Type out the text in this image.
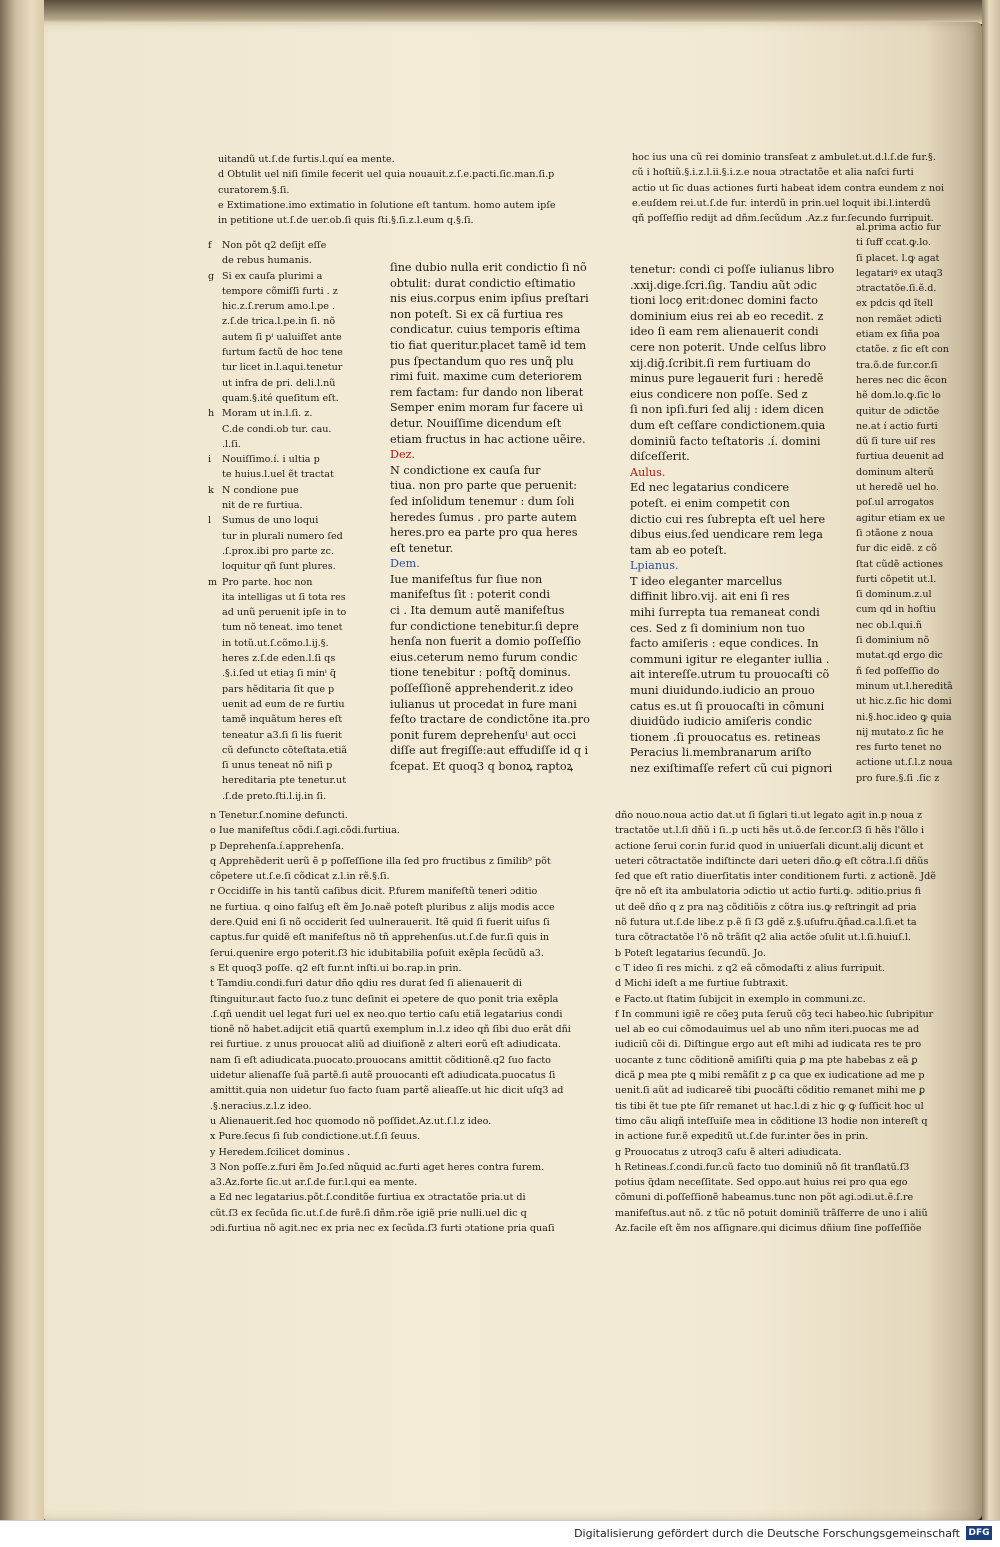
uitandũ ut.ſ.de furtis.l.quí ea mente.
d Obtulit uel niſi ſimile fecerit uel quia nouauit.z.ſ.e.pacti.ſic.man.ſi.p
curatorem.§.ſi.
e Extimatione.imo extimatio in ſolutione eſt tantum. homo autem ipſe
in petitione ut.ſ.de uer.ob.ſi quis ſti.§.ſi.z.l.eum q.§.ſi.
hoc ius una cũ rei dominio transſeat z ambulet.ut.d.l.ſ.de fur.§.
cũ i hoſtiũ.§.i.z.l.ii.§.i.z.e noua ɔtractatõe et alia naſci furti
actio ut ſic duas actiones furti habeat idem contra eundem z noi
e.euſdem rei.ut.ſ.de fur. interdũ in prin.uel loquit ibi.l.interdũ
qñ poſſeſſio redijt ad dñm.ſecũdum .Az.z fur.ſecundo furripuit.
Non põt q2 deſijt eſſe
de rebus humanis.
Si ex cauſa plurimi a
tempore cõmiſſi furti . z
hic.z.ſ.rerum amo.l.pe .
z.ſ.de trica.l.pe.in ſi. nõ
autem ſi pⁱ ualuiſſet ante
furtum factũ de hoc tene
tur licet in.l.aqui.tenetur
ut infra de pri. deli.l.nũ
quam.§.ité queſitum eſt.
Moram ut in.l.ſi. z.
C.de condi.ob tur. cau.
.l.ſi.
Nouiſſimo.í. i ultia p
te huius.l.uel ẽt tractat
N condione pue
nit de re furtiua.
Sumus de uno loqui
tur in plurali numero ſed
.ſ.prox.ibi pro parte zc.
loquitur qñ ſunt plures.
Pro parte. hoc non
ita intelligas ut ſi tota res
ad unũ peruenit ipſe in to
tum nõ teneat. imo tenet
in totũ.ut.ſ.cõmo.l.ij.§.
heres z.ſ.de eden.l.ſi qs
.§.i.ſed ut etiaȝ ſi minⁱ q̃
pars hẽditaria ſit que p
uenit ad eum de re furtiu
tamẽ inquãtum heres eſt
teneatur a3.ſi ſi lis fuerit
cũ defuncto cõteſtata.etiã
ſi unus teneat nõ niſi p
hereditaria pte tenetur.ut
.ſ.de preto.ſti.l.ij.in ſi.
f
g
h
i
k
l
m
ſine dubio nulla erit condictio ſi nõ
obtulit: durat condictio eſtimatio
nis eius.corpus enim ipſius preſtari
non poteſt. Si ex cã furtiua res
condicatur. cuius temporis eſtima
tio fiat queritur.placet tamẽ id tem
pus ſpectandum quo res unq̃ plu
rimi fuit. maxime cum deteriorem
rem factam: fur dando non liberat
Semper enim moram fur facere ui
detur. Nouiſſime dicendum eſt
etiam fructus in hac actione uẽire.
Dez.
N condictione ex cauſa fur
tiua. non pro parte que peruenit:
ſed inſolidum tenemur : dum ſoli
heredes ſumus . pro parte autem
heres.pro ea parte pro qua heres
eſt tenetur.
Dem.
Iue manifeſtus fur ſiue non
manifeſtus ſit : poterit condi
ci . Ita demum autẽ manifeſtus
fur condictione tenebitur.ſi depre
henſa non fuerit a domio poſſeſſio
eius.ceterum nemo furum condic
tione tenebitur : poſtq̃ dominus.
poſſeſſionẽ apprehenderit.z ideo
iulianus ut procedat in fure mani
feſto tractare de condictõne ita.pro
ponit furem deprehenſuⁱ aut occi
diſſe aut fregiſſe:aut effudiſſe id q i
fcepat. Et quoq3 q bonoꝝ raptoꝝ
tenetur: condi ci poſſe iulianus libro
.xxij.dige.ſcri.ſig. Tandiu aũt ɔdic
tioni locꝯ erit:donec domini facto
dominium eius rei ab eo recedit. z
ideo ſi eam rem alienauerit condi
cere non poterit. Unde celſus libro
xij.diḡ.ſcribit.ſi rem furtiuam do
minus pure legauerit furi : heredẽ
eius condicere non poſſe. Sed z
ſi non ipſi.furi ſed alij : idem dicen
dum eſt ceſſare condictionem.quia
dominiũ facto teſtatoris .í. domini
diſceſſerit.
Aulus.
Ed nec legatarius condicere
poteſt. ei enim competit con
dictio cui res ſubrepta eſt uel here
dibus eius.ſed uendicare rem lega
tam ab eo poteſt.
Lpianus.
T ideo eleganter marcellus
diffinit libro.vij. ait eni ſi res
mihi ſurrepta tua remaneat condi
ces. Sed z ſi dominium non tuo
facto amiſeris : eque condices. In
communi igitur re eleganter iullia .
ait intereſſe.utrum tu prouocaſti cõ
muni diuidundo.iudicio an prouo
catus es.ut ſi prouocaſti in cõmuni
diuidũdo iudicio amiſeris condic
tionem .ſi prouocatus es. retineas
Peracius li.membranarum ariſto
nez exiſtimaſſe refert cũ cui pignori
al.prima actio fur
ti ſuff ccat.ꝙ.lo.
ſi placet. l.ꝙ agat
legatariꝰ ex utaq3
ɔtractatõe.ſi.ẽ.d.
ex pdcis qd ĩtell
non remãet ɔdicti
etiam ex ſiña poa
ctatõe. z ſic eſt con
tra.õ.de fur.cor.ſi
heres nec dic ẽcon
hẽ dom.lo.ꝙ.ſic lo
quitur de ɔdictõe
ne.at í actio furti
dũ ſi ture uiſ res
furtiua deuenit ad
dominum alterũ
ut heredẽ uel ho.
poſ.ul arrogatos
agitur etiam ex ue
ſi ɔtãone z noua
fur dic eidẽ. z cõ
ſtat cũdẽ actiones
furti cõpetit ut.l.
ſi dominum.z.ul
cum qd in hoſtiu
nec ob.l.qui.ñ
ſi dominium nõ
mutat.qd ergo dic
ñ ſed poſſeſſio do
minum ut.l.hereditã
ut hic.z.ſic hic domi
ni.§.hoc.ideo ꝙ quia
nij mutato.z ſic he
res furto tenet no
actione ut.ſ.l.z noua
pro fure.§.ſi .ſic z
n Tenetur.ſ.nomine defuncti.
o Iue manifeſtus cõdi.ſ.agi.cõdi.furtiua.
p Deprehenſa.í.apprehenſa.
q Apprehẽderit uerũ ẽ p poſſeſſione illa ſed pro fructibus z ſimilib⁹ põt
cõpetere ut.ſ.e.ſi cõdicat z.l.in rẽ.§.ſi.
r Occidiſſe in his tantũ caſibus dicit. P.furem manifeſtũ teneri ɔditio
ne furtiua. q oino falſuꝫ eſt ẽm Jo.naẽ poteſt pluribus z alijs modis acce
dere.Quid eni ſi nõ occiderit ſed uulnerauerit. Itẽ quid ſi fuerit uiſus ſi
captus.fur quidẽ eſt manifeſtus nõ tñ apprehenſus.ut.ſ.de fur.ſi quis in
ſerui.quenire ergo poterit.ſ3 hic idubitabilia poſuit exẽpla ſecũdũ a3.
s Et quoq3 poſſe. q2 eſt fur.nt inſti.ui bo.rap.in prin.
t Tamdiu.condi.furi datur dño qdiu res durat ſed ſi alienauerit di
ſtinguitur.aut facto ſuo.z tunc deſinit ei ɔpetere de quo ponit tria exẽpla
.ſ.qñ uendit uel legat furi uel ex neo.quo tertio caſu etiã legatarius condi
tionẽ nõ habet.adijcit etiã quartũ exemplum in.l.z ideo qñ ſibi duo erãt dñi
rei furtiue. z unus prouocat aliũ ad diuiſionẽ z alteri eorũ eſt adiudicata.
nam ſi eſt adiudicata.puocato.prouocans amittit cõditionẽ.q2 ſuo facto
uidetur alienaſſe ſuã partẽ.ſi autẽ prouocanti eſt adiudicata.puocatus ſi
amittit.quia non uidetur ſuo facto ſuam partẽ alieaſſe.ut hic dicit uſq3 ad
.§.neracius.z.l.z ideo.
u Alienauerit.ſed hoc quomodo nõ poſſidet.Az.ut.ſ.l.z ideo.
x Pure.ſecus ſi ſub condictione.ut.ſ.ſi ſeuus.
y Heredem.ſcilicet dominus .
3 Non poſſe.z.furi ẽm Jo.ſed nũquid ac.furti aget heres contra furem.
a3.Az.forte ſic.ut ar.ſ.de fur.l.qui ea mente.
a Ed nec legatarius.põt.ſ.conditõe furtiua ex ɔtractatõe pria.ut di
cũt.ſ3 ex ſecũda ſic.ut.ſ.de furẽ.ſi dñm.rõe igiẽ prie nulli.uel dic q
ɔdi.furtiua nõ agit.nec ex pria nec ex ſecũda.ſ3 furti ɔtatione pria quaſi
dño nouo.noua actio dat.ut ſi ſiglari ti.ut legato agit in.p noua z
tractatõe ut.l.ſi dñũ i ſi..p ucti hẽs ut.õ.de ſer.cor.ſ3 ſi hẽs l'õllo i
actione ſerui cor.in fur.id quod in uniuerſali dicunt.alij dicunt et
ueteri cõtractatõe indiſtincte dari ueteri dño.ꝙ eſt cõtra.l.ſi dñũs
ſed que eſt ratio diuerſitatis inter conditionem furti. z actionẽ. Jdẽ
q̃re nõ eſt ita ambulatoria ɔdictio ut actio furti.ꝙ. ɔditio.prius fi
ut deẽ dño q z pra naꝫ cõditiõis z cõtra ius.ꝙ reſtringit ad pria
nõ futura ut.ſ.de libe.z p.ẽ ſi ſ3 gdẽ z.§.uſufru.q̃ñad.ca.l.ſi.et ta
tura cõtractatõe l'õ nõ trãſit q2 alia actõe ɔſulit ut.l.ſi.huiuſ.l.
b Poteſt legatarius ſecundũ. Jo.
c T ideo ſi res michi. z q2 eã cõmodaſti z alius furripuit.
d Michi ideſt a me furtiue ſubtraxit.
e Facto.ut ſtatim ſubijcit in exemplo in communi.zc.
f In communi igiẽ re cõeꝫ puta ſeruũ cõꝫ teci habeo.hic ſubripitur
uel ab eo cui cõmodauimus uel ab uno nñm iteri.puocas me ad
iudiciũ cõi di. Diſtingue ergo aut eſt mihi ad iudicata res te pro
uocante z tunc cõditionẽ amiſiſti quia ꝑ ma pte habebas z eã ꝑ
dicã ꝑ mea pte ꝗ mibi remãſit z ꝑ ca que ex iudicatione ad me p
uenit.ſi aũt ad iudicareẽ tibi ꝑuocãſti cõditio remanet mihi me ꝑ
tis tibi ẽt tue pte ſiſr remanet ut hac.l.di z hic ꝙ ꝙ ſuſſicit hoc ul
timo cãu aliqñ inteſſuiſe mea in cõditione l3 hodie non intereſt q
in actione fur.ẽ expeditũ ut.ſ.de fur.inter ões in prin.
g Prouocatus z utroq3 caſu ẽ alteri adiudicata.
h Retineas.ſ.condi.fur.cũ facto tuo dominiũ nõ ſit tranſlatũ.ſ3
potius q̃dam neceſſitate. Sed oppo.aut huius rei pro qua ego
cõmuni di.poſſeſſionẽ habeamus.tunc non põt agi.ɔdi.ut.ẽ.ſ.re
manifeſtus.aut nõ. z tũc nõ potuit dominiũ trãſferre de uno i aliũ
Az.facile eſt ẽm nos aſſignare.qui dicimus dñium ſine poſſeſſiõe
Digitalisierung gefördert durch die Deutsche Forschungsgemeinschaft DFG
